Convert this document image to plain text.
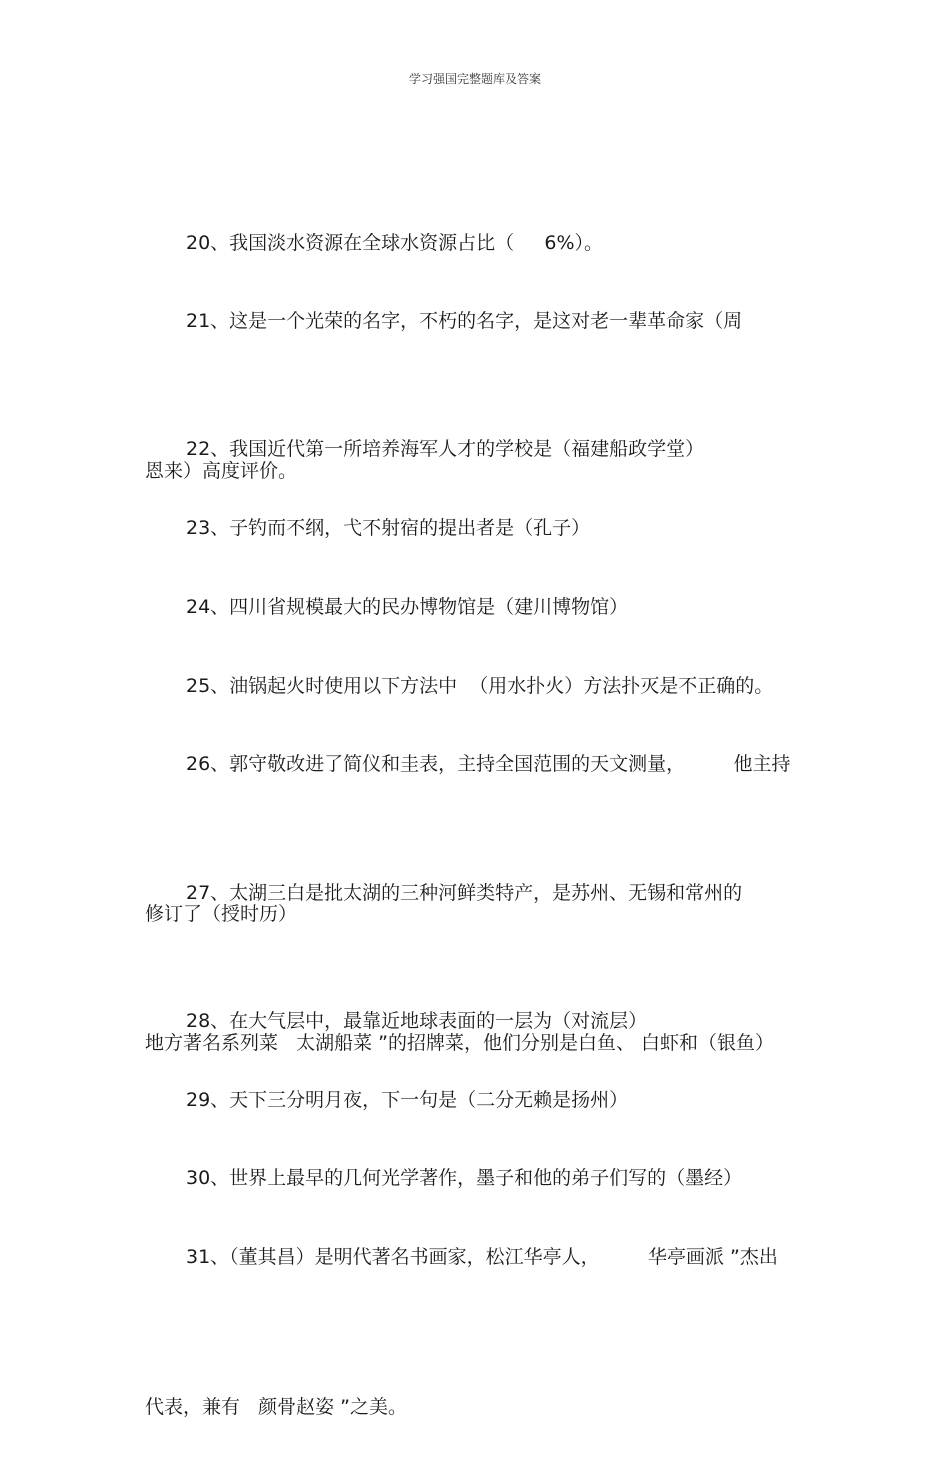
学习强国完整题库及答案

20、我国淡水资源在全球水资源占比（     6%）。

21、这是一个光荣的名字，不朽的名字，是这对老一辈革命家（周

恩来）高度评价。

22、我国近代第一所培养海军人才的学校是（福建船政学堂）

23、子钓而不纲，弋不射宿的提出者是（孔子）

24、四川省规模最大的民办博物馆是（建川博物馆）

25、油锅起火时使用以下方法中  （用水扑火）方法扑灭是不正确的。

26、郭守敬改进了简仪和圭表，主持全国范围的天文测量，        他主持

修订了（授时历）

27、太湖三白是批太湖的三种河鲜类特产，是苏州、无锡和常州的

地方著名系列菜   太湖船菜 ”的招牌菜，他们分别是白鱼、 白虾和（银鱼）

28、在大气层中，最靠近地球表面的一层为（对流层）

29、天下三分明月夜，下一句是（二分无赖是扬州）

30、世界上最早的几何光学著作，墨子和他的弟子们写的（墨经）

31、（董其昌）是明代著名书画家，松江华亭人，        华亭画派 ”杰出

代表，兼有   颜骨赵姿 ”之美。
